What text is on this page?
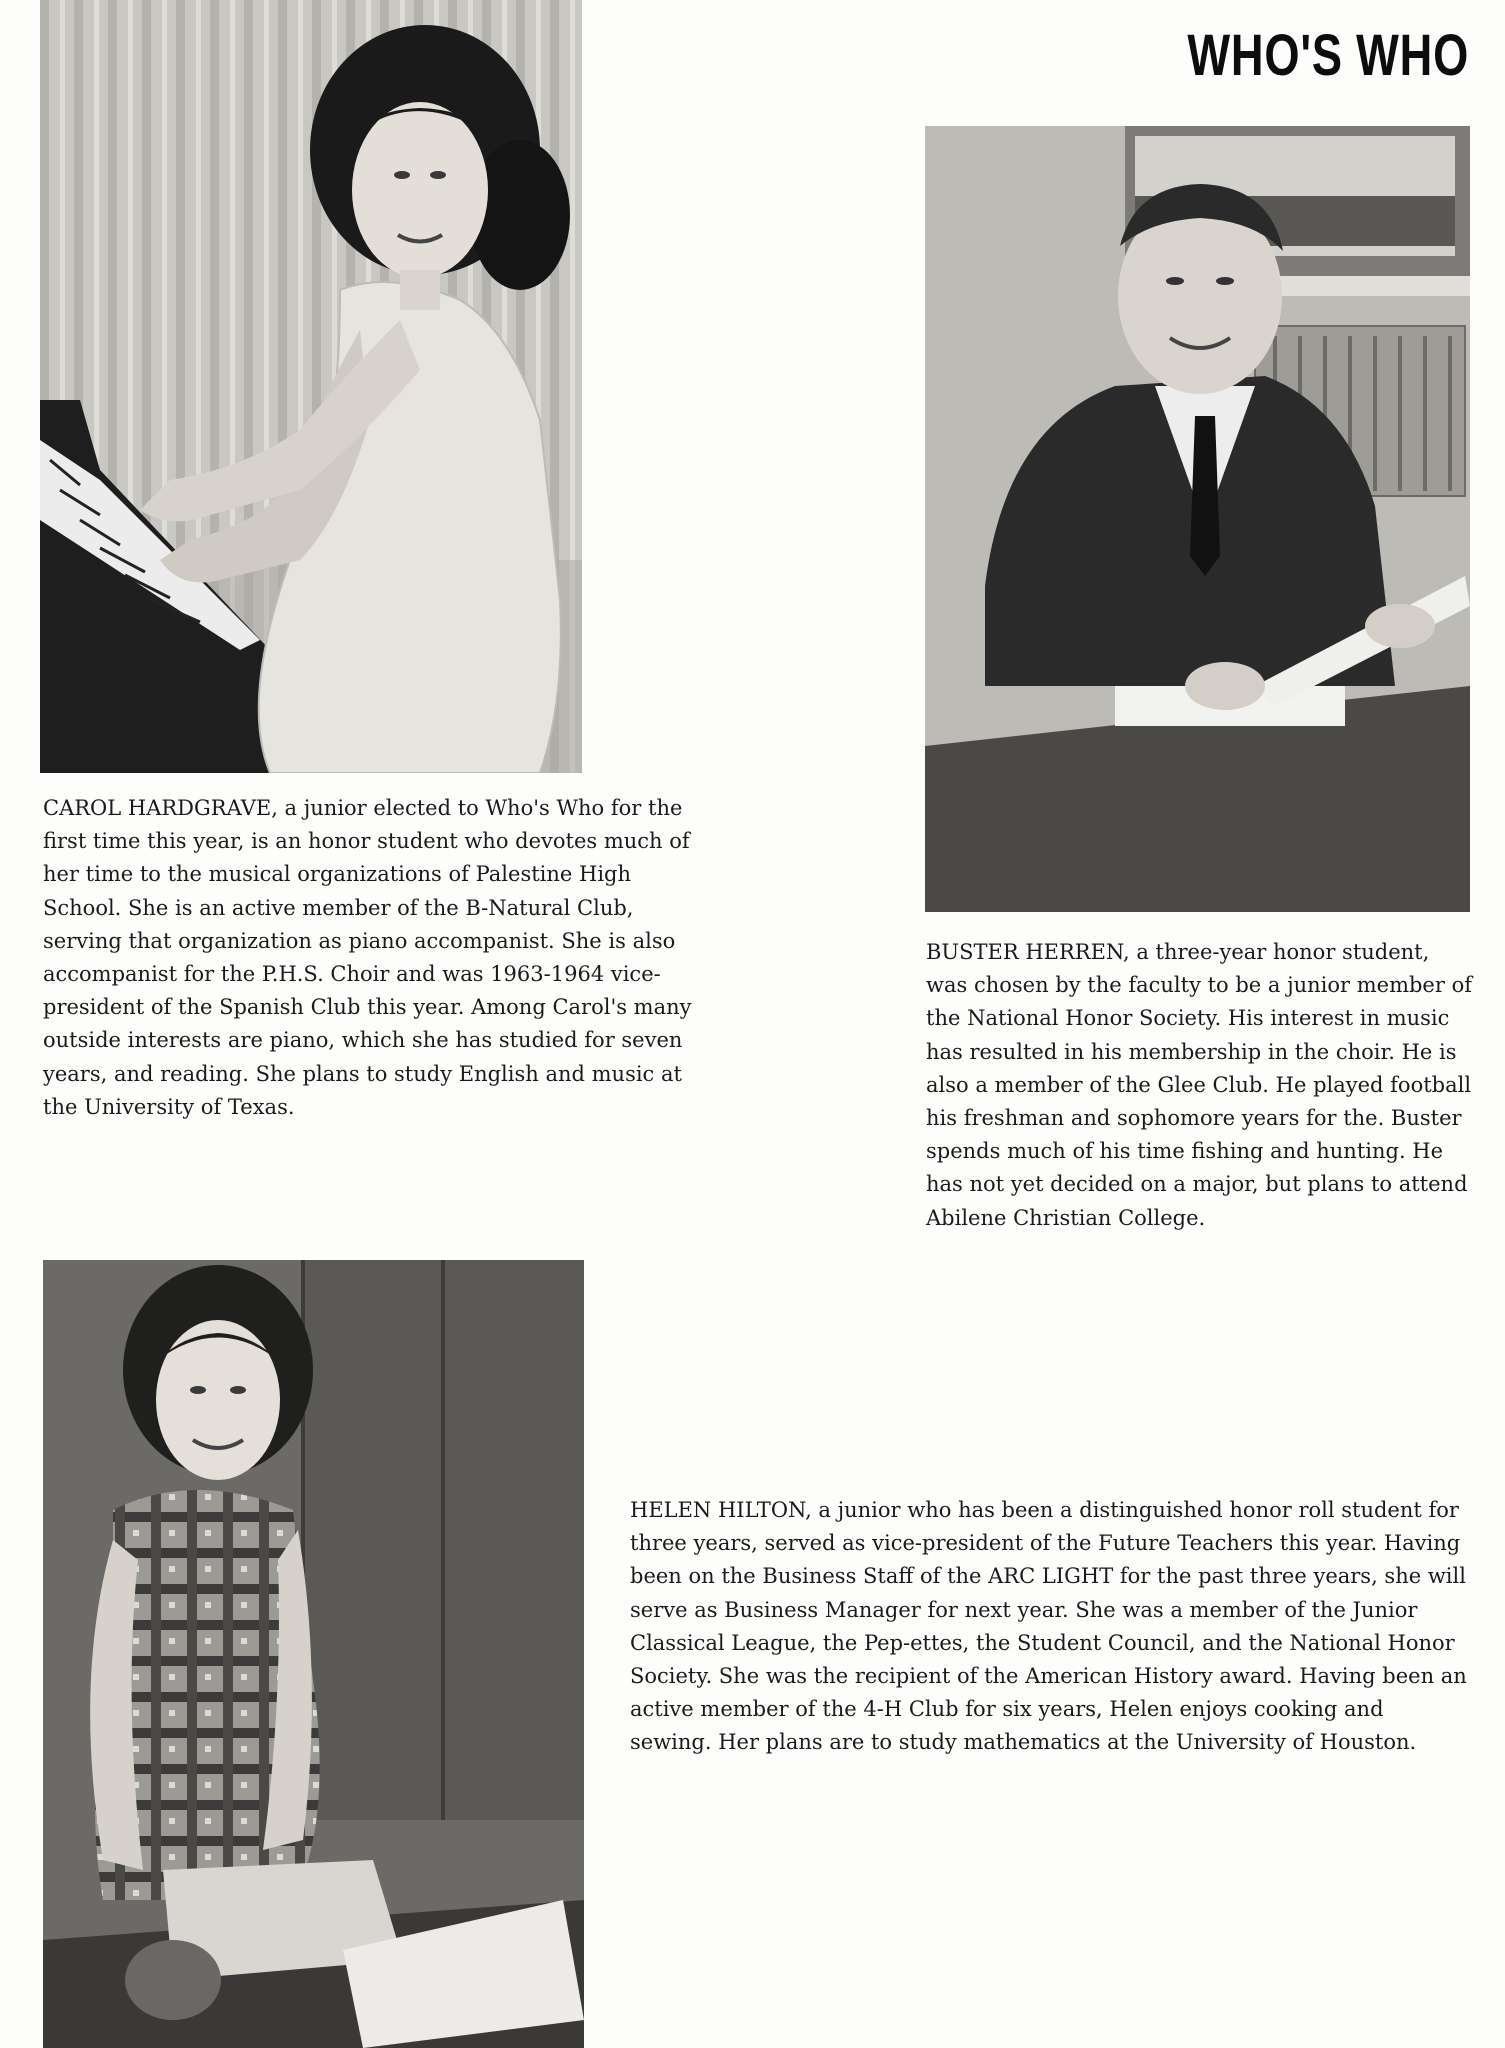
WHO'S WHO

CAROL HARDGRAVE, a junior elected to Who's Who for the first time this year, is an honor student who devotes much of her time to the musical organizations of Palestine High School. She is an active member of the B-Natural Club, serving that organization as piano accompanist. She is also accompanist for the P.H.S. Choir and was 1963-1964 vice-president of the Spanish Club this year. Among Carol's many outside interests are piano, which she has studied for seven years, and reading. She plans to study English and music at the University of Texas.

BUSTER HERREN, a three-year honor student, was chosen by the faculty to be a junior member of the National Honor Society. His interest in music has resulted in his membership in the choir. He is also a member of the Glee Club. He played football his freshman and sophomore years for the. Buster spends much of his time fishing and hunting. He has not yet decided on a major, but plans to attend Abilene Christian College.

HELEN HILTON, a junior who has been a distinguished honor roll student for three years, served as vice-president of the Future Teachers this year. Having been on the Business Staff of the ARC LIGHT for the past three years, she will serve as Business Manager for next year. She was a member of the Junior Classical League, the Pep-ettes, the Student Council, and the National Honor Society. She was the recipient of the American History award. Having been an active member of the 4-H Club for six years, Helen enjoys cooking and sewing. Her plans are to study mathematics at the University of Houston.
